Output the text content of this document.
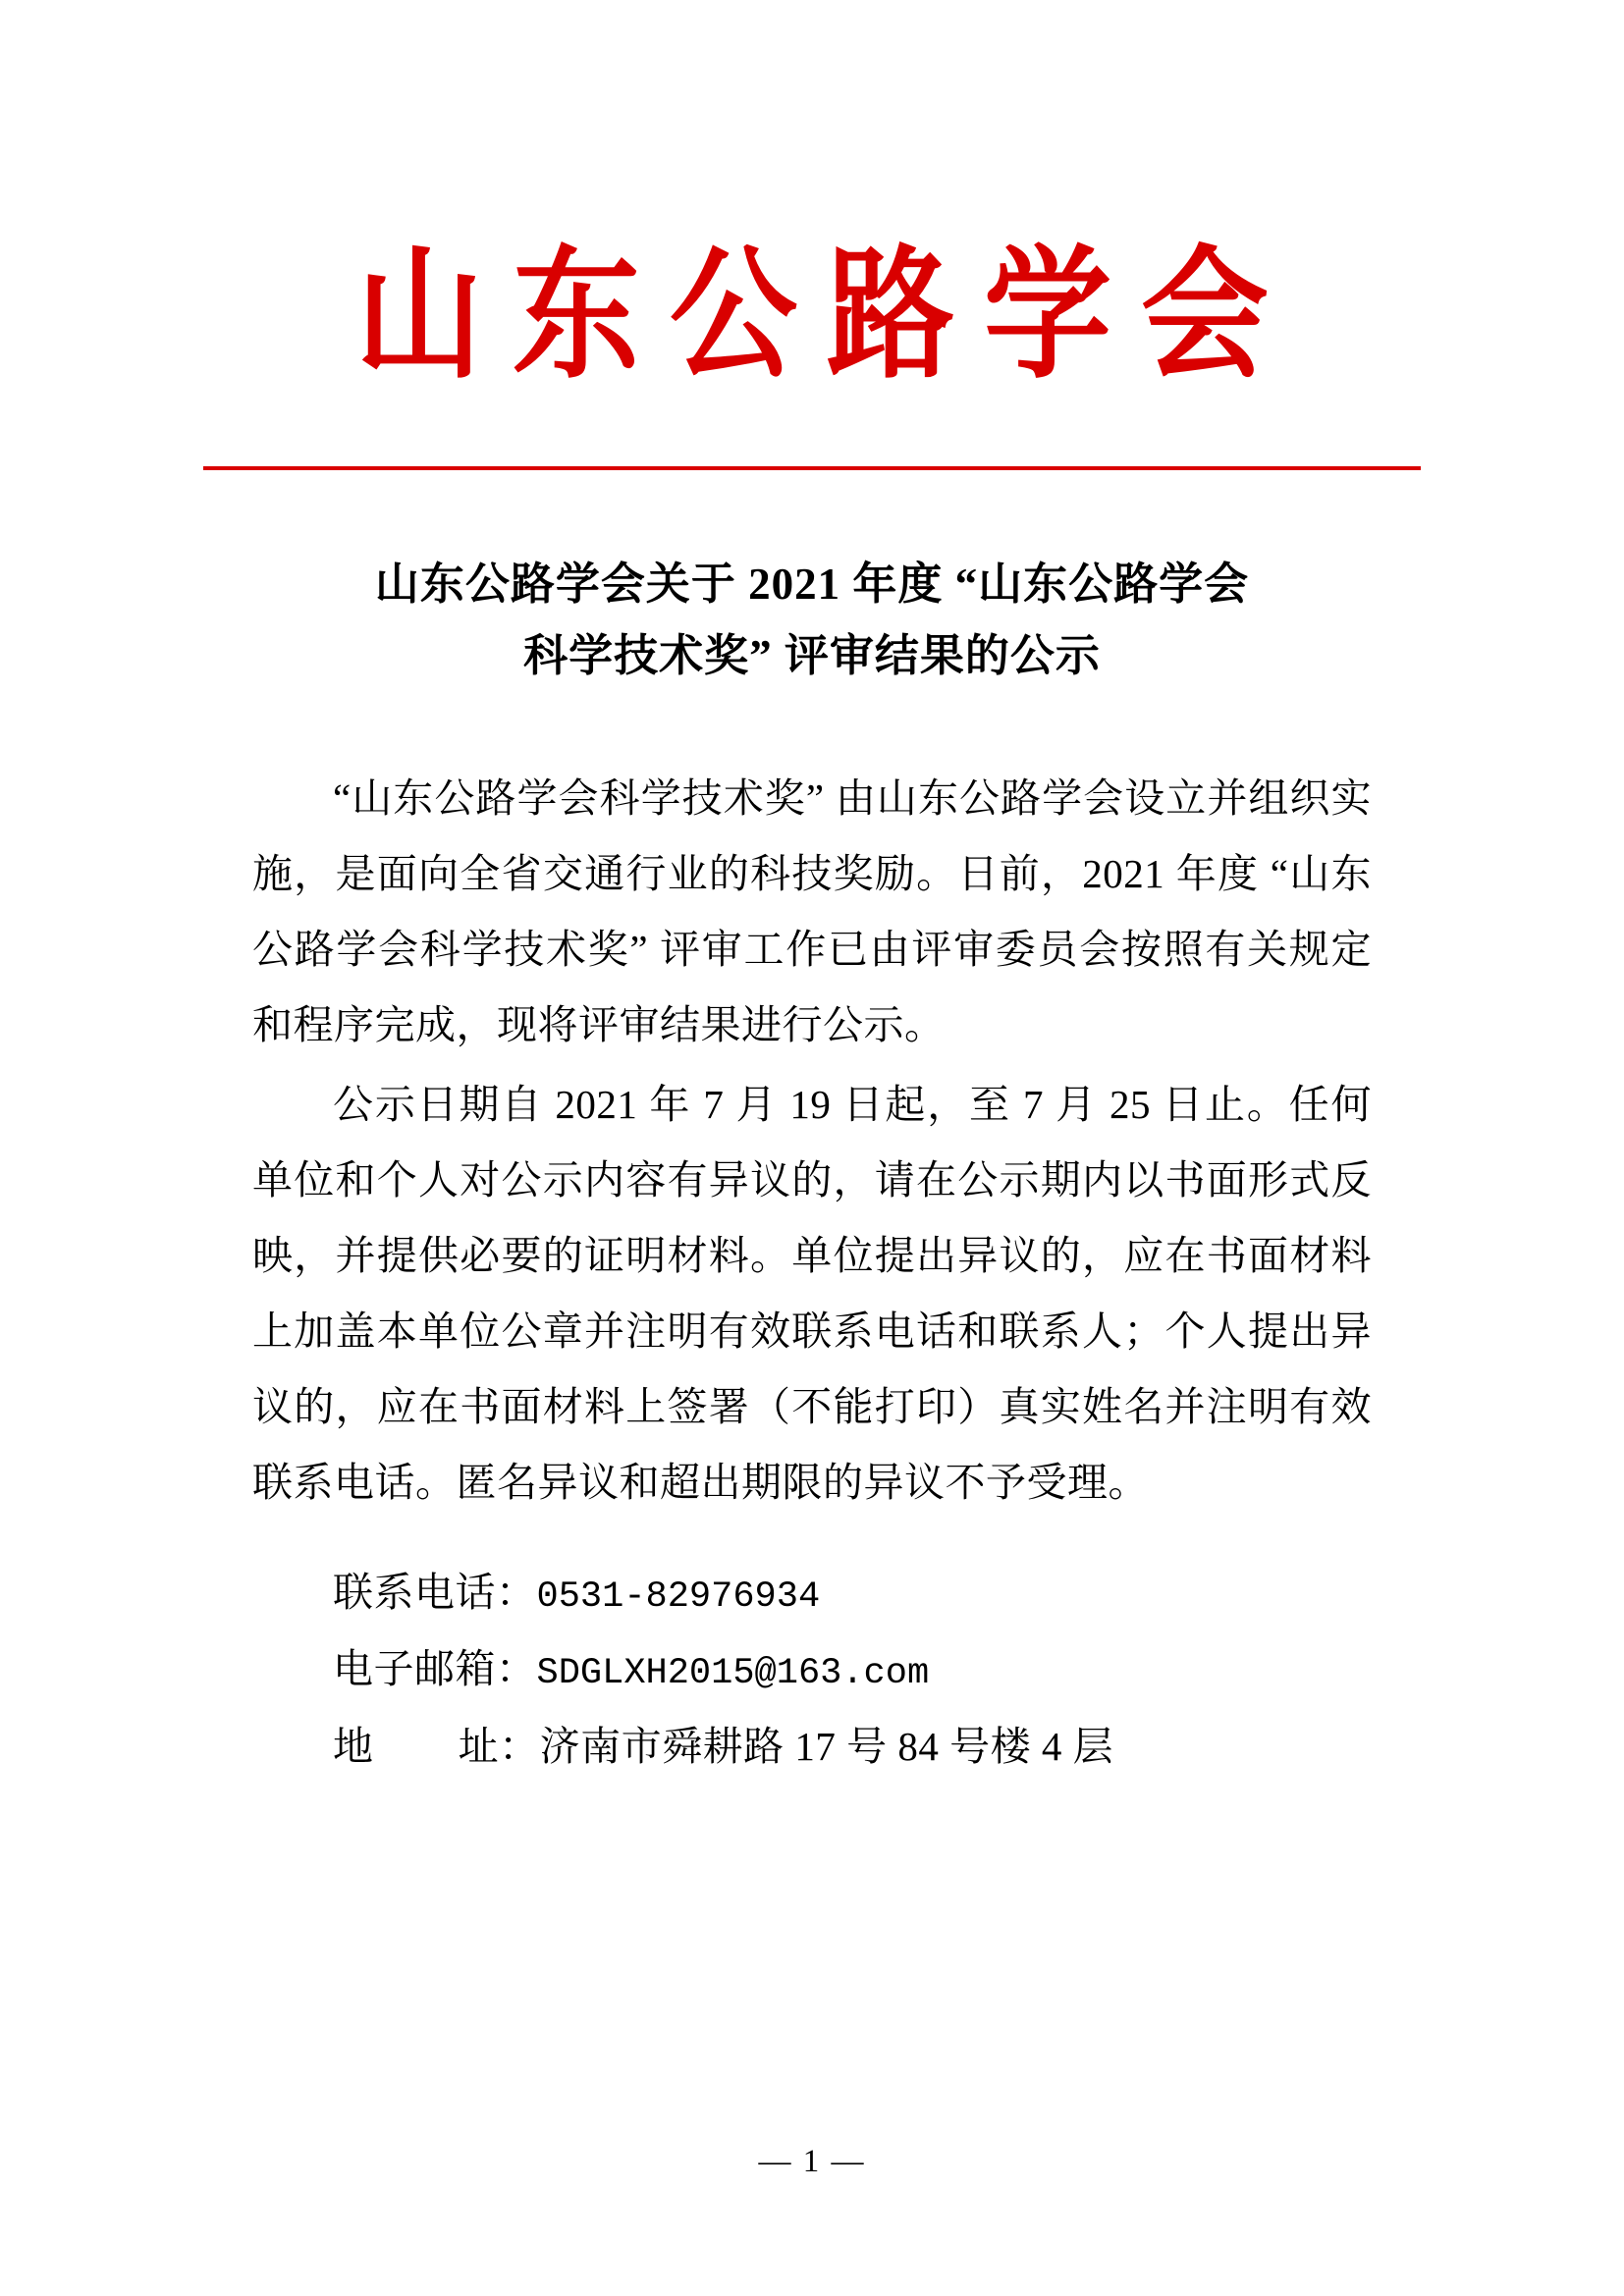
山东公路学会
山东公路学会关于 2021 年度 “山东公路学会
科学技术奖” 评审结果的公示

“山东公路学会科学技术奖” 由山东公路学会设立并组织实施，是面向全省交通行业的科技奖励。日前，2021 年度 “山东公路学会科学技术奖” 评审工作已由评审委员会按照有关规定和程序完成，现将评审结果进行公示。

公示日期自 2021 年 7 月 19 日起，至 7 月 25 日止。任何单位和个人对公示内容有异议的，请在公示期内以书面形式反映，并提供必要的证明材料。单位提出异议的，应在书面材料上加盖本单位公章并注明有效联系电话和联系人；个人提出异议的，应在书面材料上签署（不能打印）真实姓名并注明有效联系电话。匿名异议和超出期限的异议不予受理。

联系电话：0531-82976934
电子邮箱：SDGLXH2015@163.com
地 址：济南市舜耕路 17 号 84 号楼 4 层
— 1 —
